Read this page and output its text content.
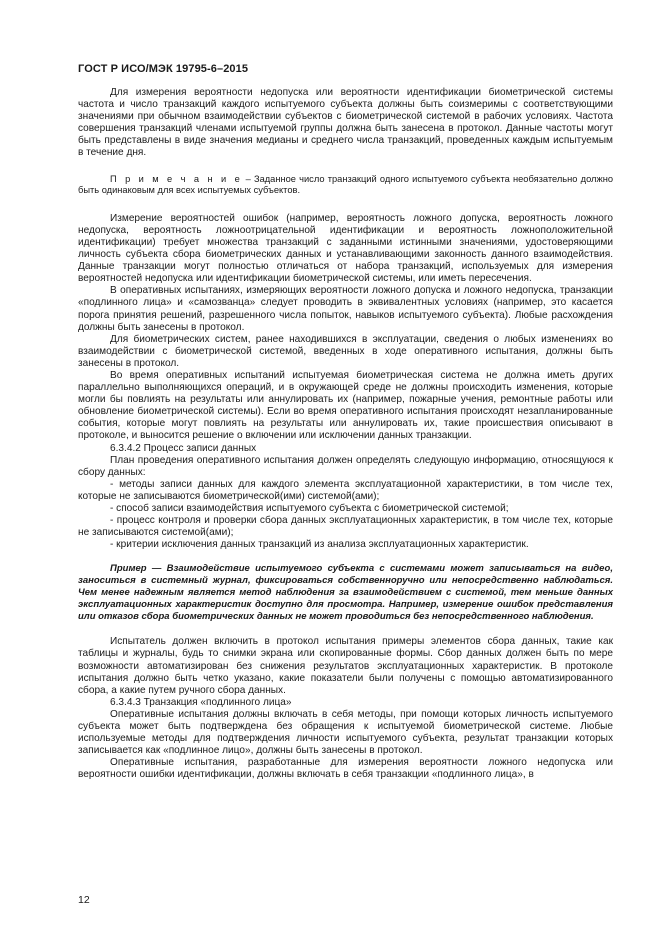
ГОСТ Р ИСО/МЭК 19795-6–2015

Для измерения вероятности недопуска или вероятности идентификации биометрической системы частота и число транзакций каждого испытуемого субъекта должны быть соизмеримы с соответствующими значениями при обычном взаимодействии субъектов с биометрической системой в рабочих условиях. Частота совершения транзакций членами испытуемой группы должна быть занесена в протокол. Данные частоты могут быть представлены в виде значения медианы и среднего числа транзакций, проведенных каждым испытуемым в течение дня.

П р и м е ч а н и е – Заданное число транзакций одного испытуемого субъекта необязательно должно быть одинаковым для всех испытуемых субъектов.

Измерение вероятностей ошибок (например, вероятность ложного допуска, вероятность ложного недопуска, вероятность ложноотрицательной идентификации и вероятность ложноположительной идентификации) требует множества транзакций с заданными истинными значениями, удостоверяющими личность субъекта сбора биометрических данных и устанавливающими законность данного взаимодействия. Данные транзакции могут полностью отличаться от набора транзакций, используемых для измерения вероятностей недопуска или идентификации биометрической системы, или иметь пересечения.

В оперативных испытаниях, измеряющих вероятности ложного допуска и ложного недопуска, транзакции «подлинного лица» и «самозванца» следует проводить в эквивалентных условиях (например, это касается порога принятия решений, разрешенного числа попыток, навыков испытуемого субъекта). Любые расхождения должны быть занесены в протокол.

Для биометрических систем, ранее находившихся в эксплуатации, сведения о любых изменениях во взаимодействии с биометрической системой, введенных в ходе оперативного испытания, должны быть занесены в протокол.

Во время оперативных испытаний испытуемая биометрическая система не должна иметь других параллельно выполняющихся операций, и в окружающей среде не должны происходить изменения, которые могли бы повлиять на результаты или аннулировать их (например, пожарные учения, ремонтные работы или обновление биометрической системы). Если во время оперативного испытания происходят незапланированные события, которые могут повлиять на результаты или аннулировать их, такие происшествия описывают в протоколе, и выносится решение о включении или исключении данных транзакции.

6.3.4.2 Процесс записи данных

План проведения оперативного испытания должен определять следующую информацию, относящуюся к сбору данных:

- методы записи данных для каждого элемента эксплуатационной характеристики, в том числе тех, которые не записываются биометрической(ими) системой(ами);

- способ записи взаимодействия испытуемого субъекта с биометрической системой;

- процесс контроля и проверки сбора данных эксплуатационных характеристик, в том числе тех, которые не записываются системой(ами);

- критерии исключения данных транзакций из анализа эксплуатационных характеристик.

Пример — Взаимодействие испытуемого субъекта с системами может записываться на видео, заноситься в системный журнал, фиксироваться собственноручно или непосредственно наблюдаться. Чем менее надежным является метод наблюдения за взаимодействием с системой, тем меньше данных эксплуатационных характеристик доступно для просмотра. Например, измерение ошибок представления или отказов сбора биометрических данных не может проводиться без непосредственного наблюдения.

Испытатель должен включить в протокол испытания примеры элементов сбора данных, такие как таблицы и журналы, будь то снимки экрана или скопированные формы. Сбор данных должен быть по мере возможности автоматизирован без снижения результатов эксплуатационных характеристик. В протоколе испытания должно быть четко указано, какие показатели были получены с помощью автоматизированного сбора, а какие путем ручного сбора данных.

6.3.4.3 Транзакция «подлинного лица»

Оперативные испытания должны включать в себя методы, при помощи которых личность испытуемого субъекта может быть подтверждена без обращения к испытуемой биометрической системе. Любые используемые методы для подтверждения личности испытуемого субъекта, результат транзакции которых записывается как «подлинное лицо», должны быть занесены в протокол.

Оперативные испытания, разработанные для измерения вероятности ложного недопуска или вероятности ошибки идентификации, должны включать в себя транзакции «подлинного лица», в

12
